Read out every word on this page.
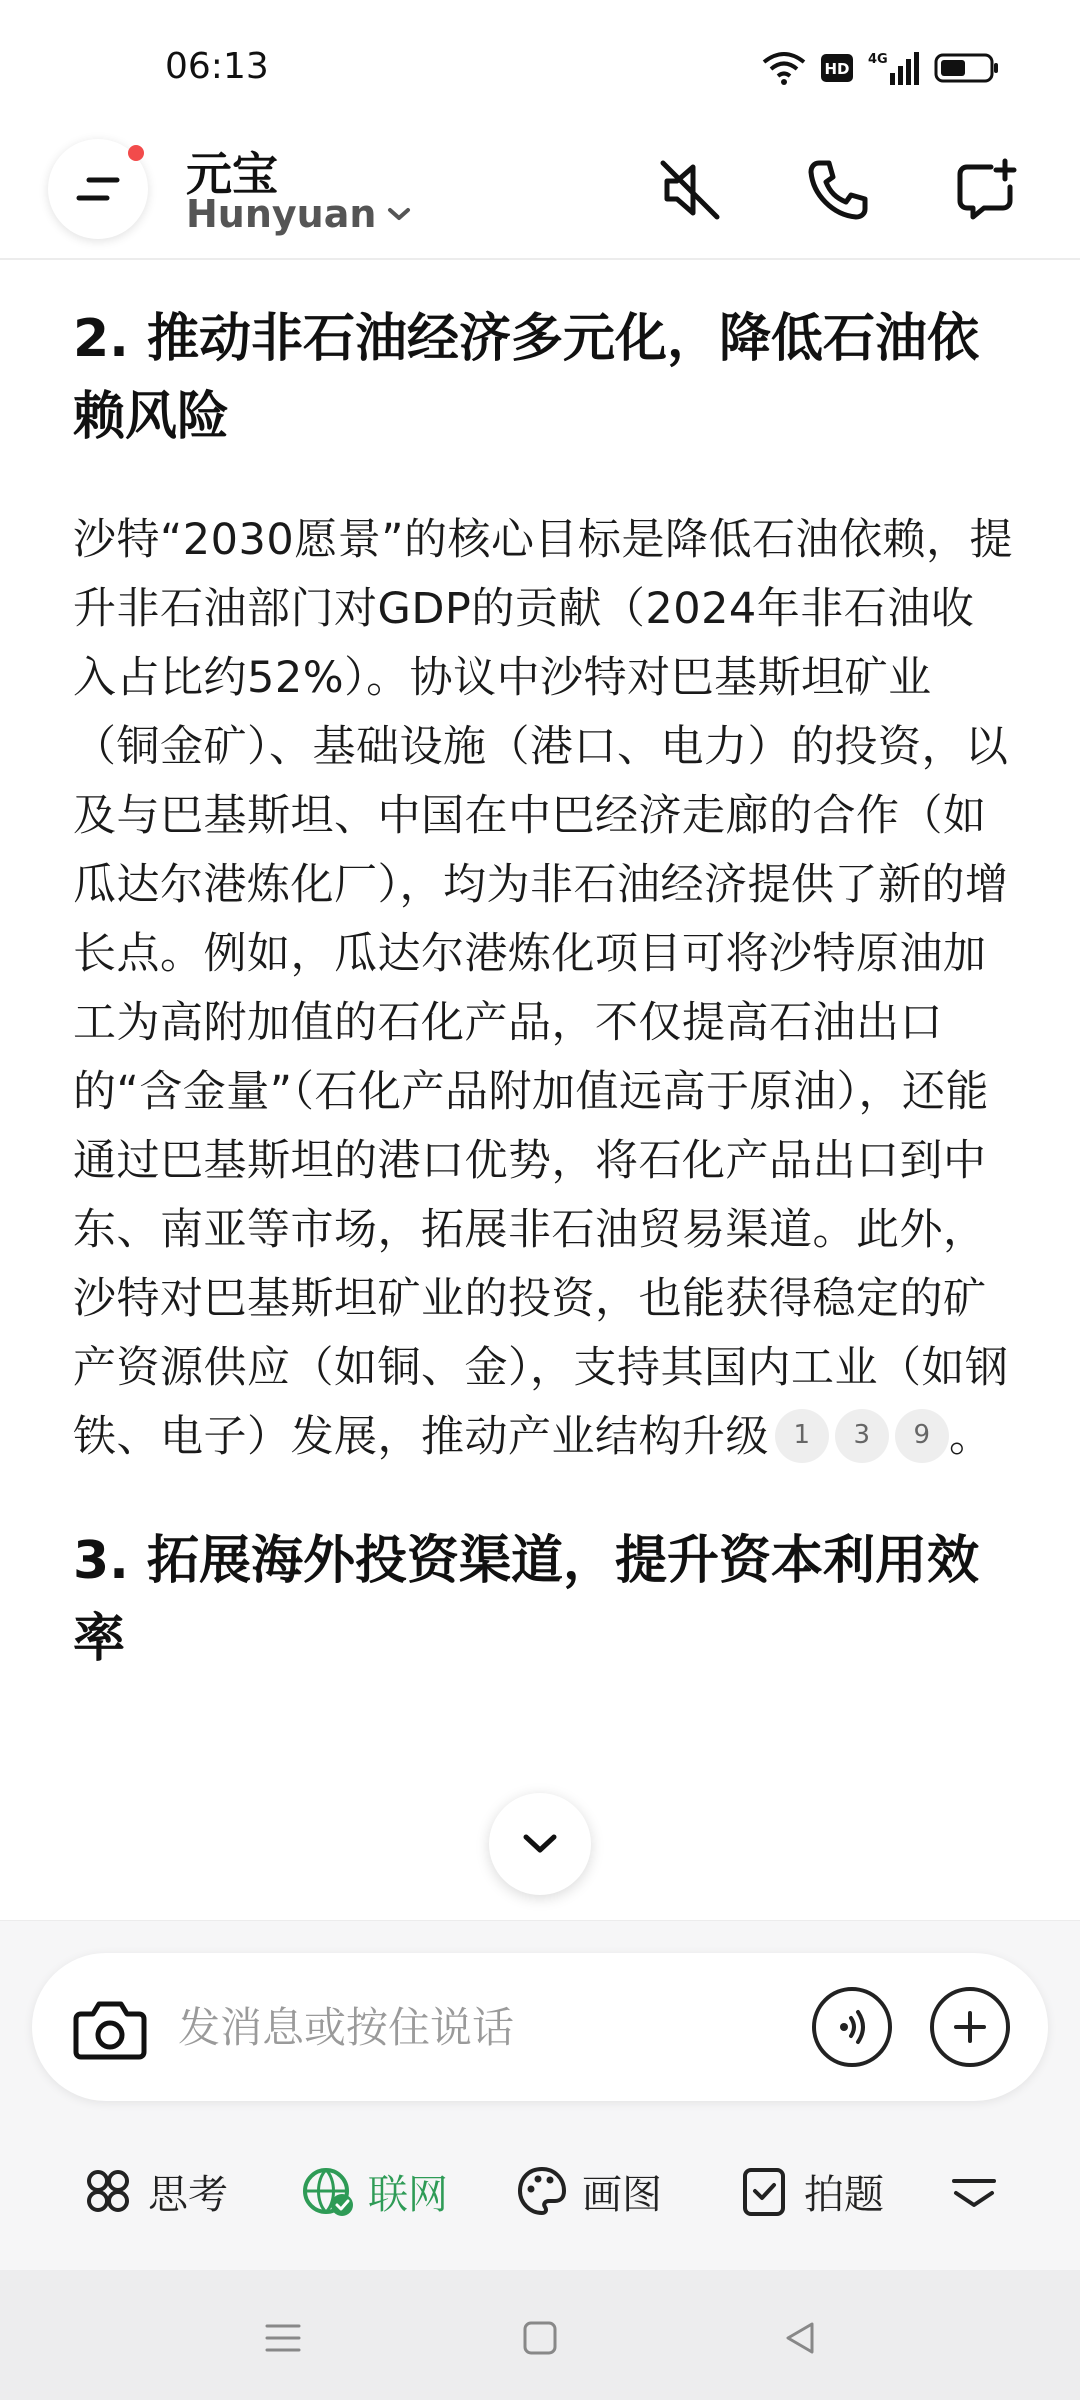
06:13	HD
4G
元宝
Hunyuan
2. 推动非石油经济多元化，降低石油依赖风险

沙特“2030愿景”的核心目标是降低石油依赖，提升非石油部门对GDP的贡献（2024年非石油收入占比约52%）。协议中沙特对巴基斯坦矿业（铜金矿）、基础设施（港口、电力）的投资，以及与巴基斯坦、中国在中巴经济走廊的合作（如瓜达尔港炼化厂），均为非石油经济提供了新的增长点。例如，瓜达尔港炼化项目可将沙特原油加工为高附加值的石化产品，不仅提高石油出口的“含金量”（石化产品附加值远高于原油），还能通过巴基斯坦的港口优势，将石化产品出口到中东、南亚等市场，拓展非石油贸易渠道。此外，沙特对巴基斯坦矿业的投资，也能获得稳定的矿产资源供应（如铜、金），支持其国内工业（如钢铁、电子）发展，推动产业结构升级 1 3 9 。

3. 拓展海外投资渠道，提升资本利用效率
发消息或按住说话
思考	联网	画图	拍题
